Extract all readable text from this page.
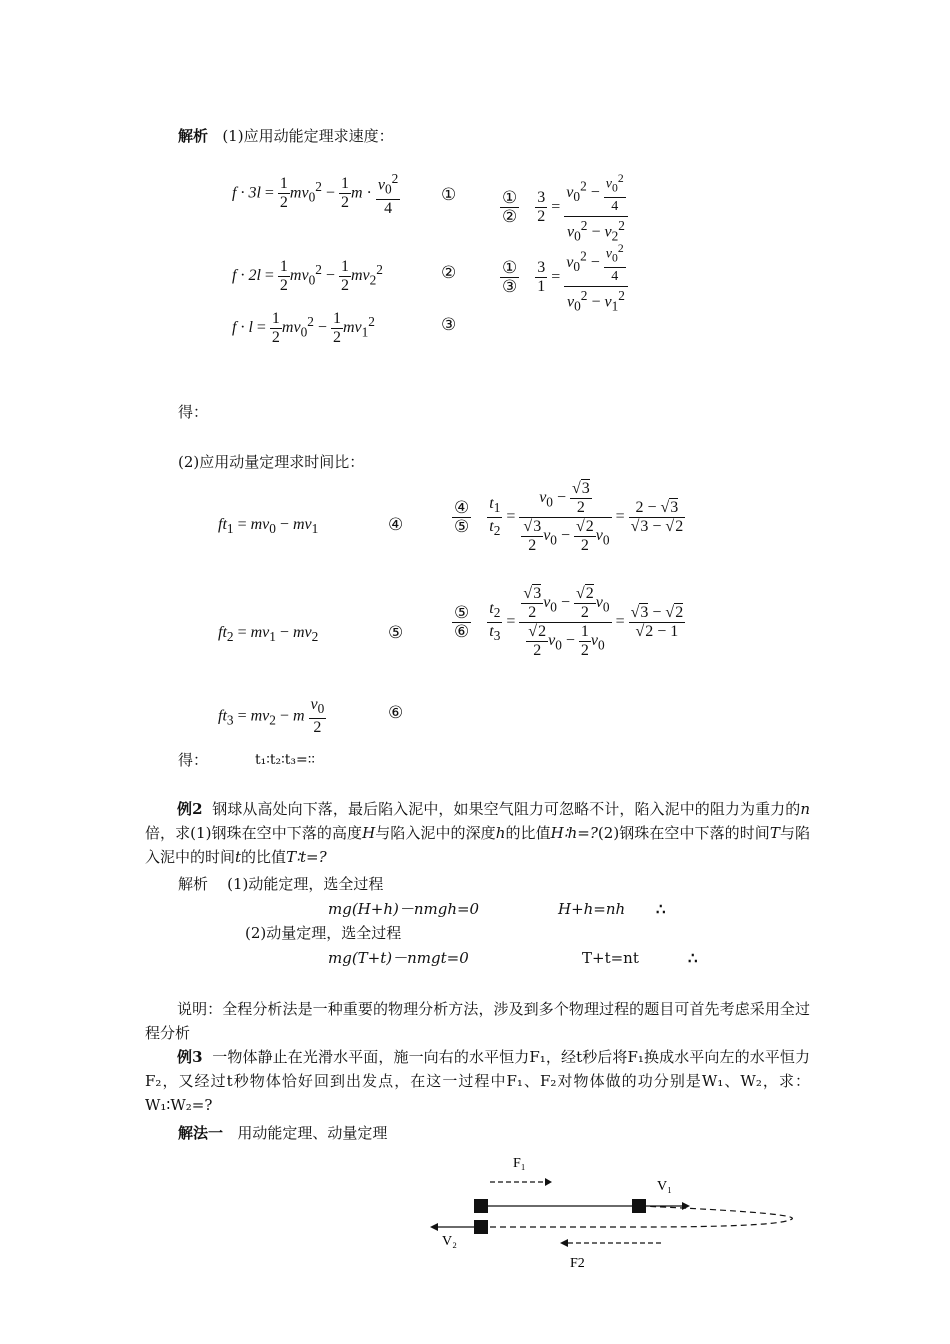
解析 (1)应用动能定理求速度：
$f \cdot 3l = \frac{1}{2} mv_0^2 - \frac{1}{2}$ $m \cdot \frac{v_0^2}{4}$ ①	$\frac{\text{①}}{\text{②}}$
$\frac{3}{2} = \frac{v_0^2 - \frac{v_0^2}{4}}{v_0^2 - v_2^2}$
$f \cdot 2l = \frac{1}{2} mv_0^2 - \frac{1}{2} mv_2^2$	②	$\frac{\text{①}}{\text{③}}$
$\frac{3}{1} = \frac{v_0^2 - \frac{v_0^2}{4}}{v_0^2 - v_1^2}$
$f \cdot l = \frac{1}{2} mv_0^2 - \frac{1}{2} mv_1^2$	③
得：
(2)应用动量定理求时间比：
$ft_1 = mv_0 - mv_1$	④	$\frac{\text{④}}{\text{⑤}}$
$\frac{t_1}{t_2} = \frac{v_0 - \frac{√3}{2}}{\frac{√3}{2} v_0 - \frac{√2}{2} v_0} = \frac{2 - √3}{√3 - √2}$
$ft_2 = mv_1 - mv_2$	⑤	$\frac{\text{⑤}}{\text{⑥}}$
$\frac{t_2}{t_3} = \frac{\frac{√3}{2} v_0 - \frac{√2}{2} v_0}{\frac{√2}{2} v_0 - \frac{1}{2} v_0} = \frac{√3 - √2}{√2 - 1}$
$ft_3 = mv_2 - m \frac{v_0}{2}$	⑥
得：	t₁∶t₂∶t₃=∶∶
例2 钢球从高处向下落，最后陷入泥中，如果空气阻力可忽略不计，陷入泥中的阻力为重力的n倍，求(1)钢珠在空中下落的高度H与陷入泥中的深度h的比值H∶h=?(2)钢珠在空中下落的时间T与陷入泥中的时间t的比值T∶t=?
解析 (1)动能定理，选全过程
mg(H+h)－nmgh=0	H+h=nh ∴
(2)动量定理，选全过程
mg(T+t)－nmgt=0	T+t=nt	∴
说明：全程分析法是一种重要的物理分析方法，涉及到多个物理过程的题目可首先考虑采用全过程分析
例3 一物体静止在光滑水平面，施一向右的水平恒力F₁，经t秒后将F₁换成水平向左的水平恒力F₂，又经过t秒物体恰好回到出发点，在这一过程中F₁、F₂对物体做的功分别是W₁、W₂，求：W₁∶W₂=?
解法一 用动能定理、动量定理
F₁
V₁
V₂
F2
